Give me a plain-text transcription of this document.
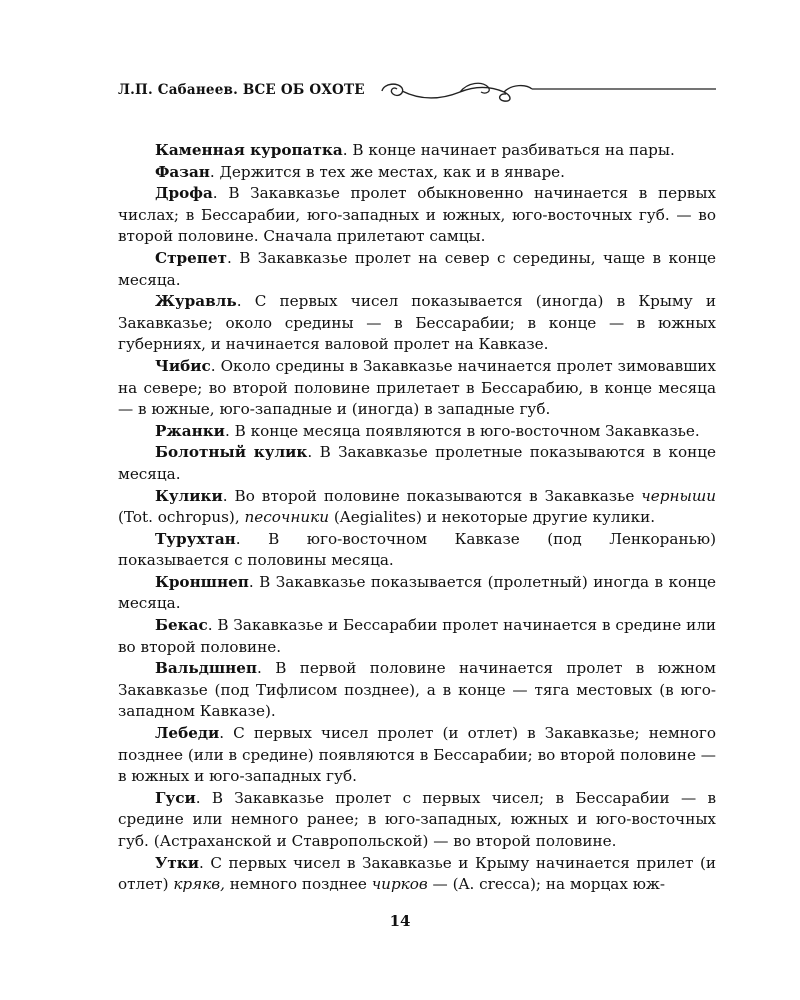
Л.П. Сабанеев. ВСЕ ОБ ОХОТЕ

Каменная куропатка. В конце начинает разбиваться на пары.

Фазан. Держится в тех же местах, как и в январе.

Дрофа. В Закавказье пролет обыкновенно начинается в первых числах; в Бессарабии, юго-западных и южных, юго-восточных губ. — во второй половине. Сначала прилетают самцы.

Стрепет. В Закавказье пролет на север с середины, чаще в конце месяца.

Журавль. С первых чисел показывается (иногда) в Крыму и Закавказье; около средины — в Бессарабии; в конце — в южных губерниях, и начинается валовой пролет на Кавказе.

Чибис. Около средины в Закавказье начинается пролет зимовавших на севере; во второй половине прилетает в Бессарабию, в конце месяца — в южные, юго-западные и (иногда) в западные губ.

Ржанки. В конце месяца появляются в юго-восточном Закавказье.

Болотный кулик. В Закавказье пролетные показываются в конце месяца.

Кулики. Во второй половине показываются в Закавказье черныши (Tot. ochropus), песочники (Aegialites) и некоторые другие кулики.

Турухтан. В юго-восточном Кавказе (под Ленкоранью) показывается с половины месяца.

Кроншнеп. В Закавказье показывается (пролетный) иногда в конце месяца.

Бекас. В Закавказье и Бессарабии пролет начинается в средине или во второй половине.

Вальдшнеп. В первой половине начинается пролет в южном Закавказье (под Тифлисом позднее), а в конце — тяга местовых (в юго-западном Кавказе).

Лебеди. С первых чисел пролет (и отлет) в Закавказье; немного позднее (или в средине) появляются в Бессарабии; во второй половине — в южных и юго-западных губ.

Гуси. В Закавказье пролет с первых чисел; в Бессарабии — в средине или немного ранее; в юго-западных, южных и юго-восточных губ. (Астраханской и Ставропольской) — во второй половине.

Утки. С первых чисел в Закавказье и Крыму начинается прилет (и отлет) крякв, немного позднее чирков — (A. crecca); на морцах юж-

14
